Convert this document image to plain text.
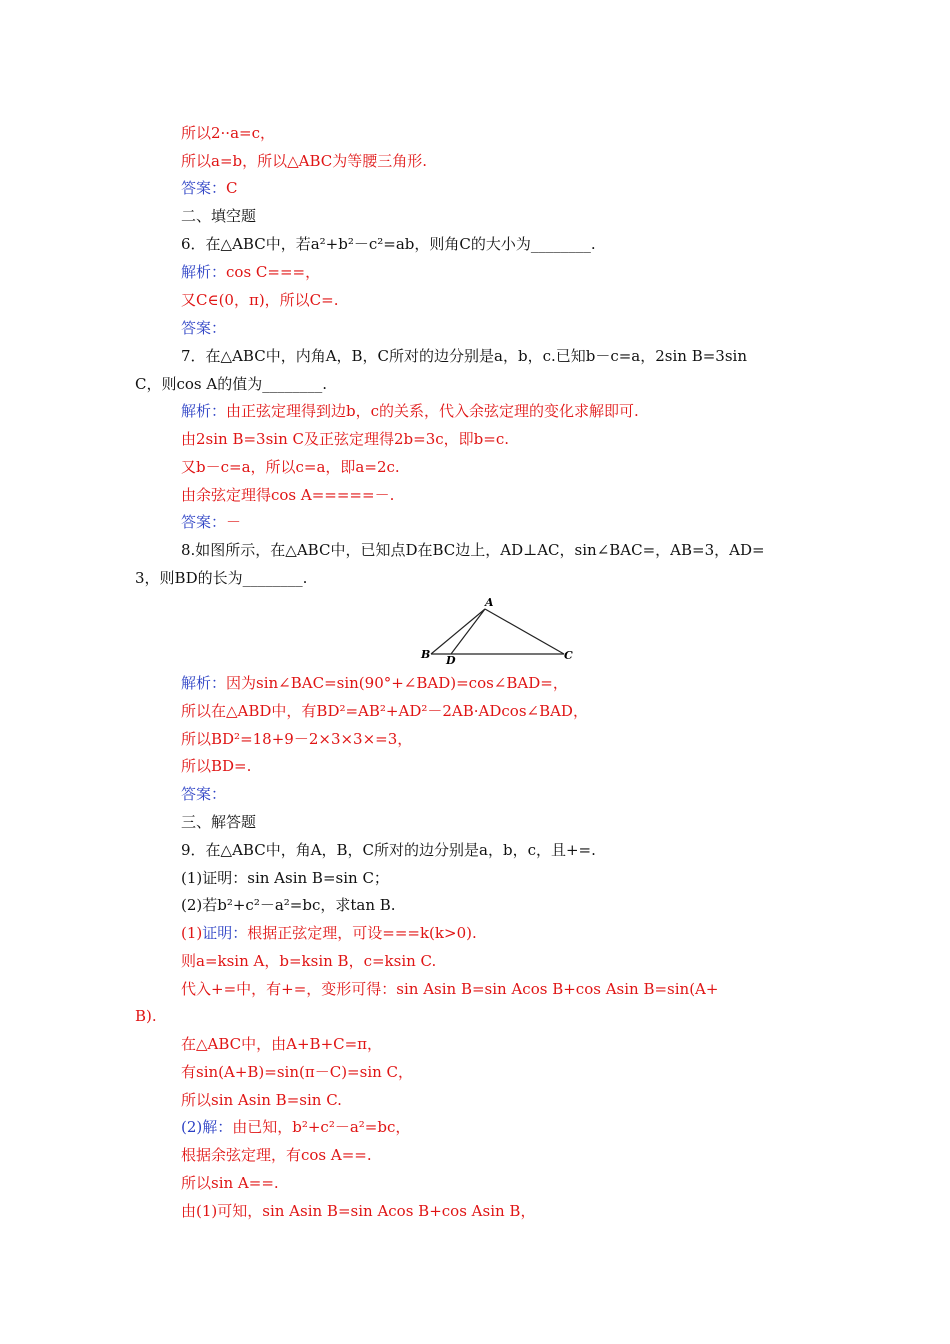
所以2··a=c，
所以a=b，所以△ABC为等腰三角形.
答案：C
二、填空题
6．在△ABC中，若a²+b²－c²=ab，则角C的大小为________.
解析：cos C===，
又C∈(0，π)，所以C=.
答案：
7．在△ABC中，内角A，B，C所对的边分别是a，b，c.已知b－c=a，2sin B=3sin
C，则cos A的值为________.
解析：由正弦定理得到边b，c的关系，代入余弦定理的变化求解即可.
由2sin B=3sin C及正弦定理得2b=3c，即b=c.
又b－c=a，所以c=a，即a=2c.
由余弦定理得cos A=====－.
答案：－
8.如图所示，在△ABC中，已知点D在BC边上，AD⊥AC，sin∠BAC=，AB=3，AD=
3，则BD的长为________.
A
B	C
D
解析：因为sin∠BAC=sin(90°+∠BAD)=cos∠BAD=，
所以在△ABD中，有BD²=AB²+AD²－2AB·ADcos∠BAD，
所以BD²=18+9－2×3×3×=3，
所以BD=.
答案：
三、解答题
9．在△ABC中，角A，B，C所对的边分别是a，b，c，且+=.
(1)证明：sin Asin B=sin C；
(2)若b²+c²－a²=bc，求tan B.
(1)证明：根据正弦定理，可设===k(k>0).
则a=ksin A，b=ksin B，c=ksin C.
代入+=中，有+=，变形可得：sin Asin B=sin Acos B+cos Asin B=sin(A+
B).
在△ABC中，由A+B+C=π，
有sin(A+B)=sin(π－C)=sin C，
所以sin Asin B=sin C.
(2)解：由已知，b²+c²－a²=bc，
根据余弦定理，有cos A==.
所以sin A==.
由(1)可知，sin Asin B=sin Acos B+cos Asin B，
